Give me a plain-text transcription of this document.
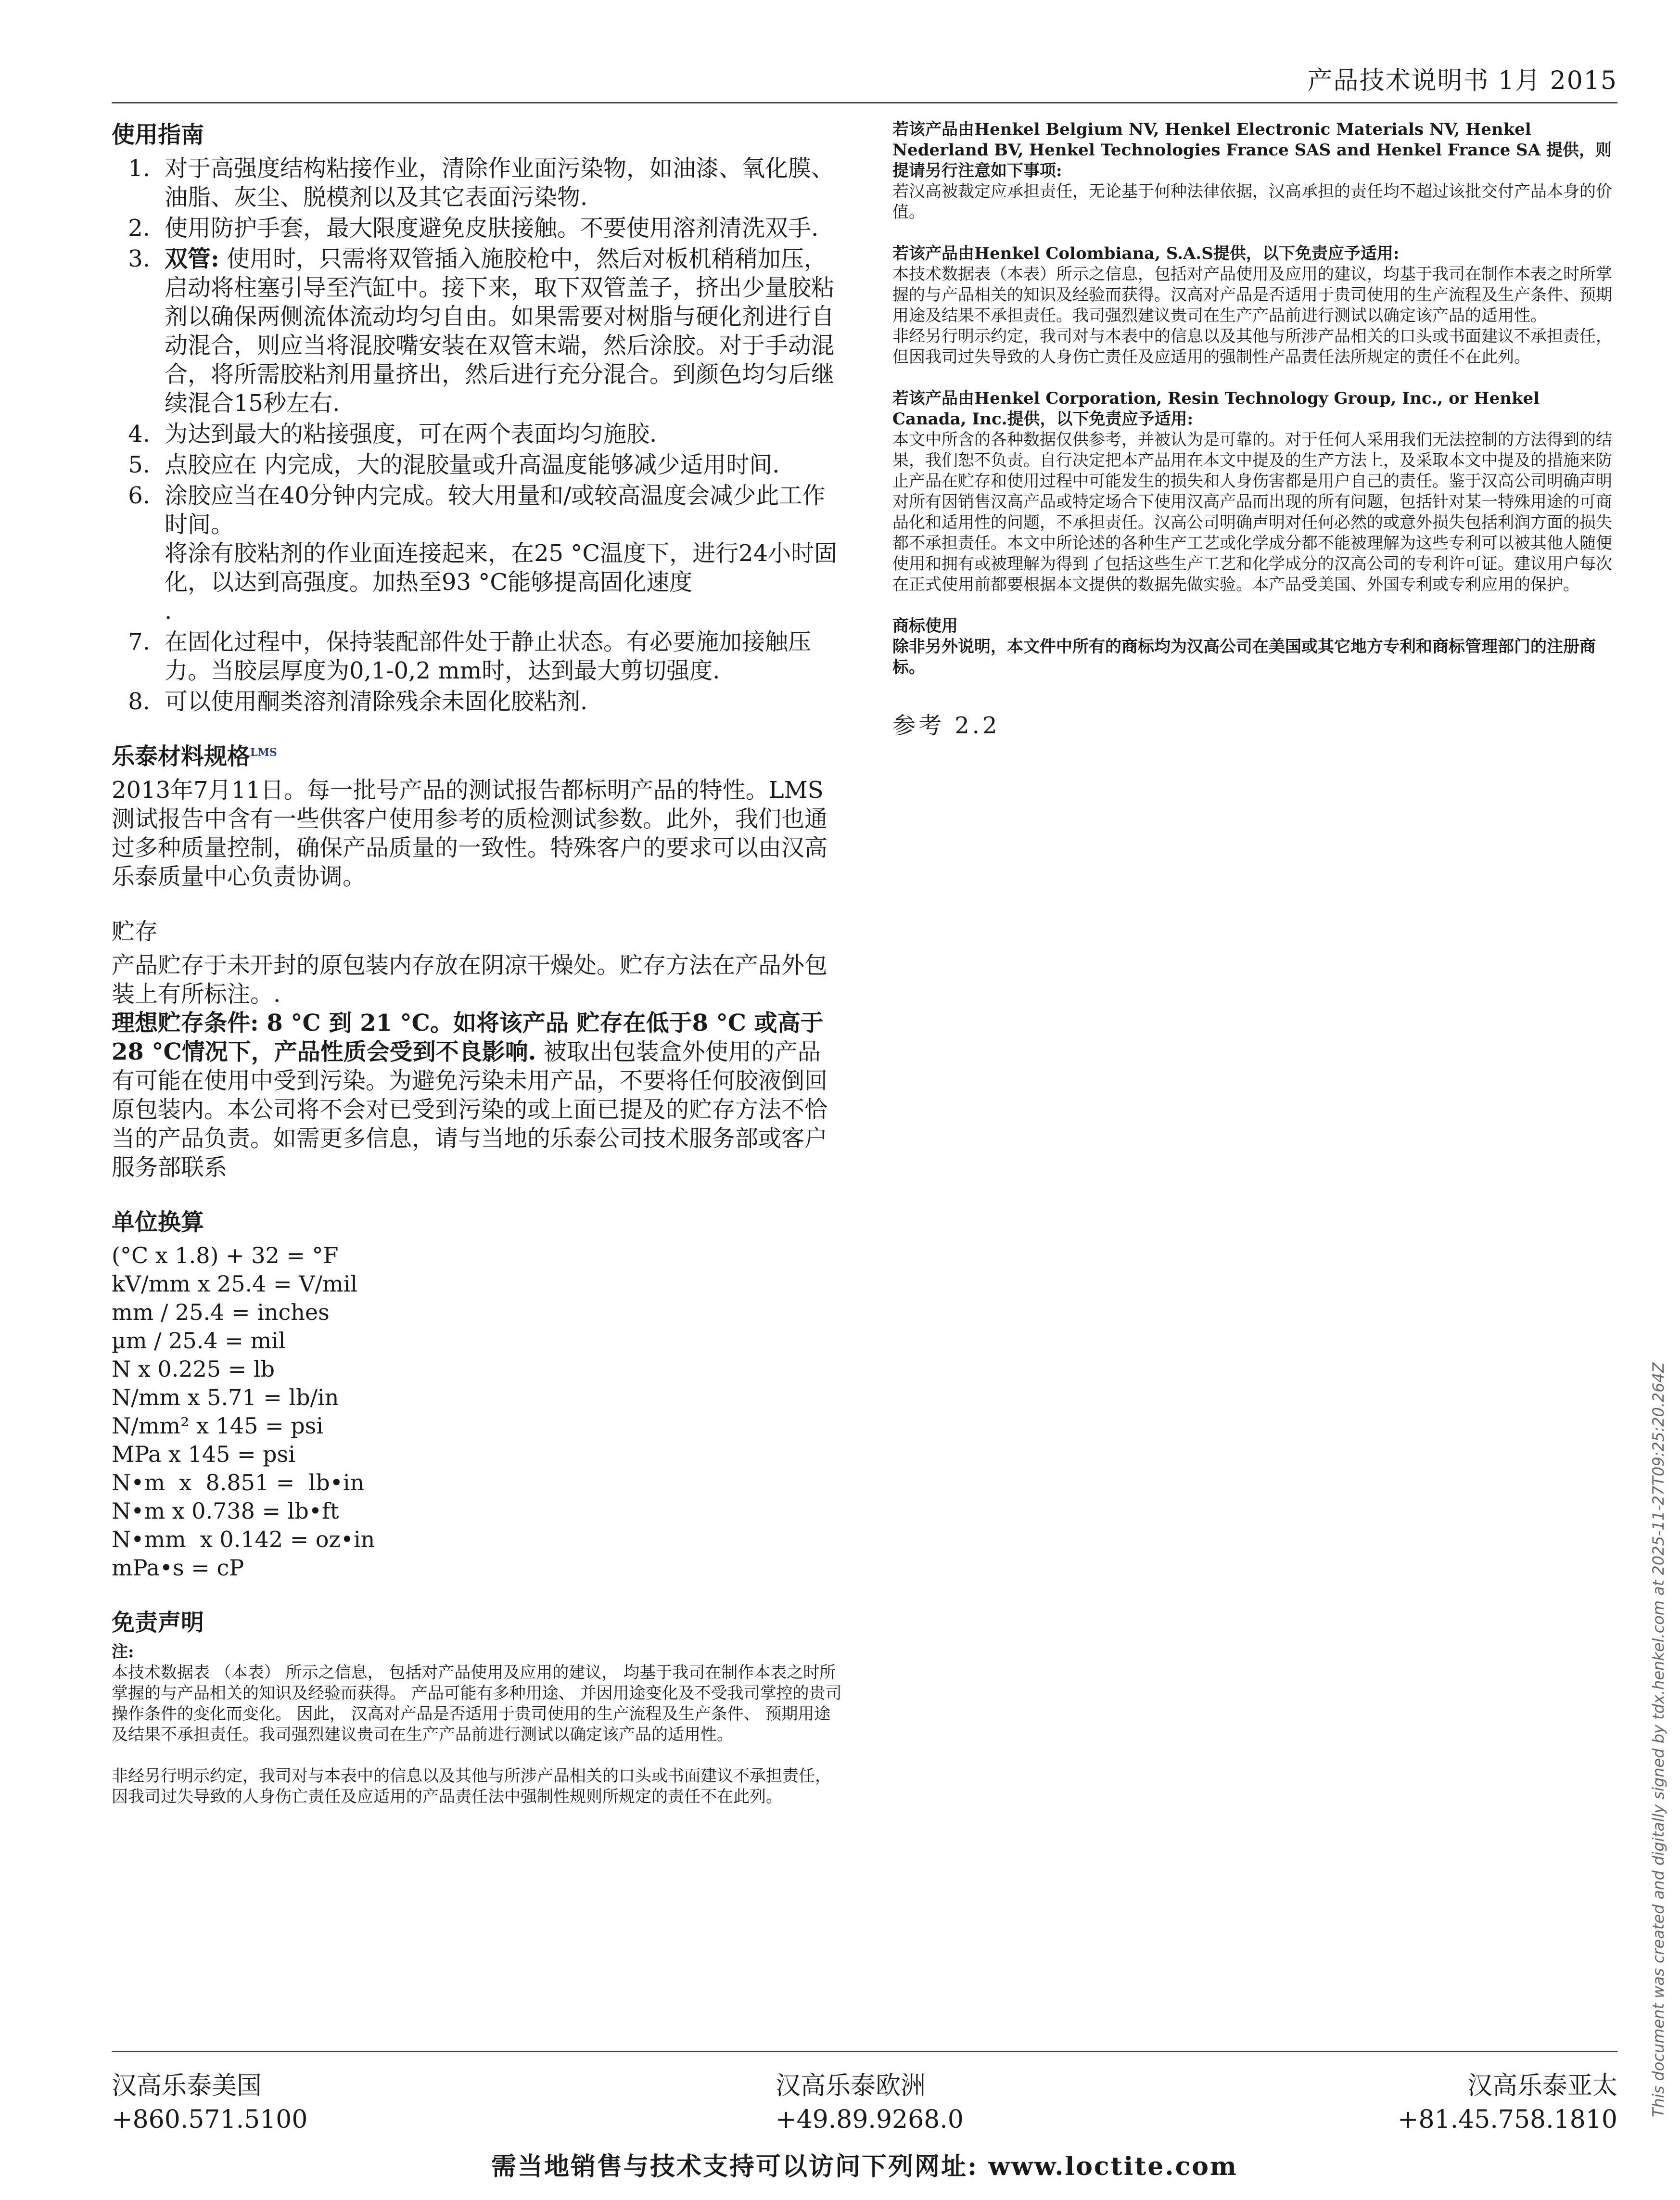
产品技术说明书 1月 2015
使用指南
1. 对于高强度结构粘接作业，清除作业面污染物，如油漆、氧化膜、油脂、灰尘、脱模剂以及其它表面污染物.
2. 使用防护手套，最大限度避免皮肤接触。不要使用溶剂清洗双手.
3. 双管: 使用时，只需将双管插入施胶枪中，然后对板机稍稍加压，启动将柱塞引导至汽缸中。接下来，取下双管盖子，挤出少量胶粘剂以确保两侧流体流动均匀自由。如果需要对树脂与硬化剂进行自动混合，则应当将混胶嘴安装在双管末端，然后涂胶。对于手动混合，将所需胶粘剂用量挤出，然后进行充分混合。到颜色均匀后继续混合15秒左右.
4. 为达到最大的粘接强度，可在两个表面均匀施胶.
5. 点胶应在 内完成，大的混胶量或升高温度能够减少适用时间.
6. 涂胶应当在40分钟内完成。较大用量和/或较高温度会减少此工作时间。
将涂有胶粘剂的作业面连接起来，在25 °C温度下，进行24小时固化，以达到高强度。加热至93 °C能够提高固化速度
.
7. 在固化过程中，保持装配部件处于静止状态。有必要施加接触压力。当胶层厚度为0,1-0,2 mm时，达到最大剪切强度.
8. 可以使用酮类溶剂清除残余未固化胶粘剂.
乐泰材料规格$^{LMS}$

2013年7月11日。每一批号产品的测试报告都标明产品的特性。LMS测试报告中含有一些供客户使用参考的质检测试参数。此外，我们也通过多种质量控制，确保产品质量的一致性。特殊客户的要求可以由汉高乐泰质量中心负责协调。

贮存

产品贮存于未开封的原包装内存放在阴凉干燥处。贮存方法在产品外包装上有所标注。.

理想贮存条件: 8 °C 到 21 °C。如将该产品 贮存在低于8 °C 或高于28 °C情况下，产品性质会受到不良影响. 被取出包装盒外使用的产品有可能在使用中受到污染。为避免污染未用产品，不要将任何胶液倒回原包装内。本公司将不会对已受到污染的或上面已提及的贮存方法不恰当的产品负责。如需更多信息，请与当地的乐泰公司技术服务部或客户服务部联系

单位换算

(°C x 1.8) + 32 = °F

kV/mm x 25.4 = V/mil

mm / 25.4 = inches

µm / 25.4 = mil

N x 0.225 = lb

N/mm x 5.71 = lb/in

N/mm² x 145 = psi

MPa x 145 = psi

N•m  x  8.851 =  lb•in

N•m x 0.738 = lb•ft

N•mm  x 0.142 = oz•in

mPa•s = cP

免责声明

注:

本技术数据表 （本表） 所示之信息， 包括对产品使用及应用的建议， 均基于我司在制作本表之时所掌握的与产品相关的知识及经验而获得。 产品可能有多种用途、 并因用途变化及不受我司掌控的贵司操作条件的变化而变化。 因此， 汉高对产品是否适用于贵司使用的生产流程及生产条件、 预期用途及结果不承担责任。我司强烈建议贵司在生产产品前进行测试以确定该产品的适用性。

非经另行明示约定，我司对与本表中的信息以及其他与所涉产品相关的口头或书面建议不承担责任，因我司过失导致的人身伤亡责任及应适用的产品责任法中强制性规则所规定的责任不在此列。

若该产品由Henkel Belgium NV, Henkel Electronic Materials NV, Henkel Nederland BV, Henkel Technologies France SAS and Henkel France SA 提供，则提请另行注意如下事项:

若汉高被裁定应承担责任，无论基于何种法律依据，汉高承担的责任均不超过该批交付产品本身的价值。

若该产品由Henkel Colombiana, S.A.S提供，以下免责应予适用:

本技术数据表（本表）所示之信息，包括对产品使用及应用的建议，均基于我司在制作本表之时所掌握的与产品相关的知识及经验而获得。汉高对产品是否适用于贵司使用的生产流程及生产条件、预期用途及结果不承担责任。我司强烈建议贵司在生产产品前进行测试以确定该产品的适用性。

非经另行明示约定，我司对与本表中的信息以及其他与所涉产品相关的口头或书面建议不承担责任，但因我司过失导致的人身伤亡责任及应适用的强制性产品责任法所规定的责任不在此列。

若该产品由Henkel Corporation, Resin Technology Group, Inc., or Henkel Canada, Inc.提供，以下免责应予适用:

本文中所含的各种数据仅供参考，并被认为是可靠的。对于任何人采用我们无法控制的方法得到的结果，我们恕不负责。自行决定把本产品用在本文中提及的生产方法上，及采取本文中提及的措施来防止产品在贮存和使用过程中可能发生的损失和人身伤害都是用户自己的责任。鉴于汉高公司明确声明对所有因销售汉高产品或特定场合下使用汉高产品而出现的所有问题，包括针对某一特殊用途的可商品化和适用性的问题，不承担责任。汉高公司明确声明对任何必然的或意外损失包括利润方面的损失都不承担责任。本文中所论述的各种生产工艺或化学成分都不能被理解为这些专利可以被其他人随便使用和拥有或被理解为得到了包括这些生产工艺和化学成分的汉高公司的专利许可证。建议用户每次在正式使用前都要根据本文提供的数据先做实验。本产品受美国、外国专利或专利应用的保护。

商标使用

除非另外说明，本文件中所有的商标均为汉高公司在美国或其它地方专利和商标管理部门的注册商标。

参考 2.2
This document was created and digitally signed by tdx.henkel.com at 2025-11-27T09:25:20.264Z
汉高乐泰美国
+860.571.5100
汉高乐泰欧洲
+49.89.9268.0
汉高乐泰亚太
+81.45.758.1810
需当地销售与技术支持可以访问下列网址: www.loctite.com
